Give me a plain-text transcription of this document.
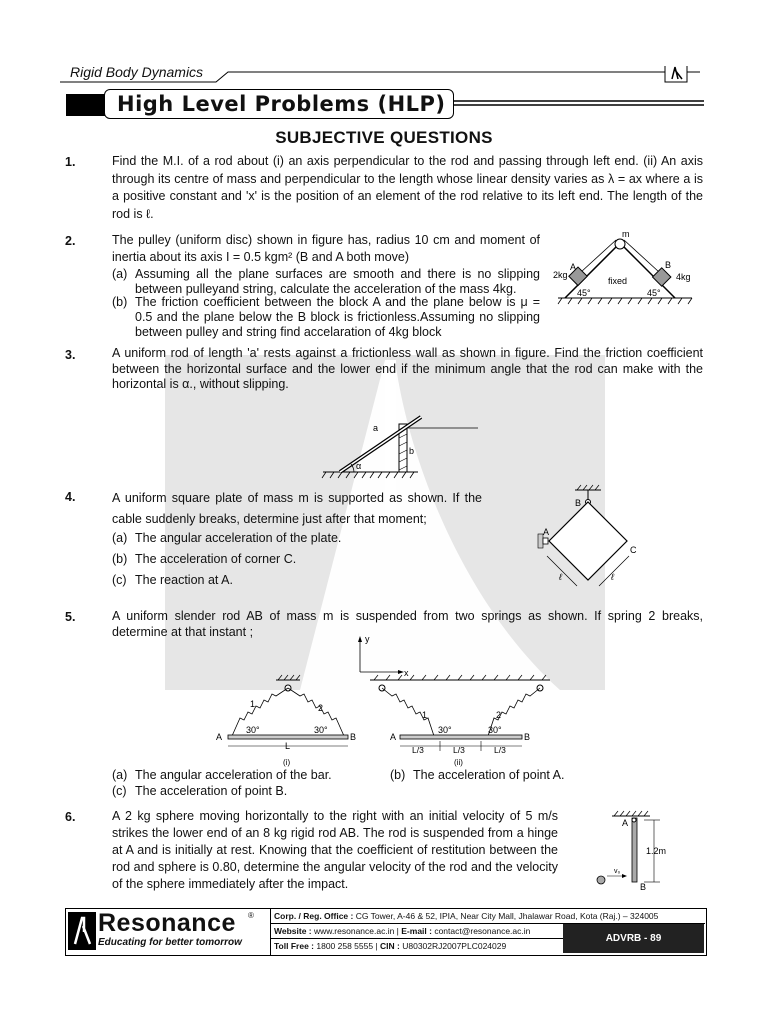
Rigid Body Dynamics
High Level Problems (HLP)
SUBJECTIVE QUESTIONS
1.	Find the M.I. of a rod about (i) an axis perpendicular to the rod and passing through left end. (ii) An axis through its centre of mass and perpendicular to the length whose linear density varies as λ = ax where a is a positive constant and 'x' is the position of an element of the rod relative to its left end. The length of the rod is ℓ.
2.	The pulley (uniform disc) shown in figure has, radius 10 cm and moment of inertia about its axis I = 0.5 kgm² (B and A both move)
(a) Assuming all the plane surfaces are smooth and there is no slipping between pulleyand string, calculate the acceleration of the mass 4kg.
(b) The friction coefficient between the block A and the plane below is μ = 0.5 and the plane below the B block is frictionless.Assuming no slipping between pulley and string find accelaration of 4kg block
m
A	B
2kg	4kg
fixed
45°	45°
3.	A uniform rod of length 'a' rests against a frictionless wall as shown in figure. Find the friction coefficient between the horizontal surface and the lower end if the minimum angle that the rod can make with the horizontal is α., without slipping.
a
b
α
4.	A uniform square plate of mass m is supported as shown. If the cable suddenly breaks, determine just after that moment;
(a) The angular acceleration of the plate.
(b) The acceleration of corner C.
(c) The reaction at A.
B
A
C
ℓ	ℓ
5.	A uniform slender rod AB of mass m is suspended from two springs as shown. If spring 2 breaks, determine at that instant ;
1	2
A	B
30°	30°
L
(i)
y
x
1	2
A	B
30°	30°
L/3	L/3	L/3
(ii)
(a) The angular acceleration of the bar.	(b) The acceleration of point A.
(c) The acceleration of point B.
6.	A 2 kg sphere moving horizontally to the right with an initial velocity of 5 m/s strikes the lower end of an 8 kg rigid rod AB. The rod is suspended from a hinge at A and is initially at rest. Knowing that the coefficient of restitution between the rod and sphere is 0.80, determine the angular velocity of the rod and the velocity of the sphere immediately after the impact.
A
B
1.2m
v₀
Resonance ®
Educating for better tomorrow
Corp. / Reg. Office : CG Tower, A-46 & 52, IPIA, Near City Mall, Jhalawar Road, Kota (Raj.) – 324005
Website : www.resonance.ac.in | E-mail : contact@resonance.ac.in
Toll Free : 1800 258 5555 | CIN : U80302RJ2007PLC024029
ADVRB - 89
